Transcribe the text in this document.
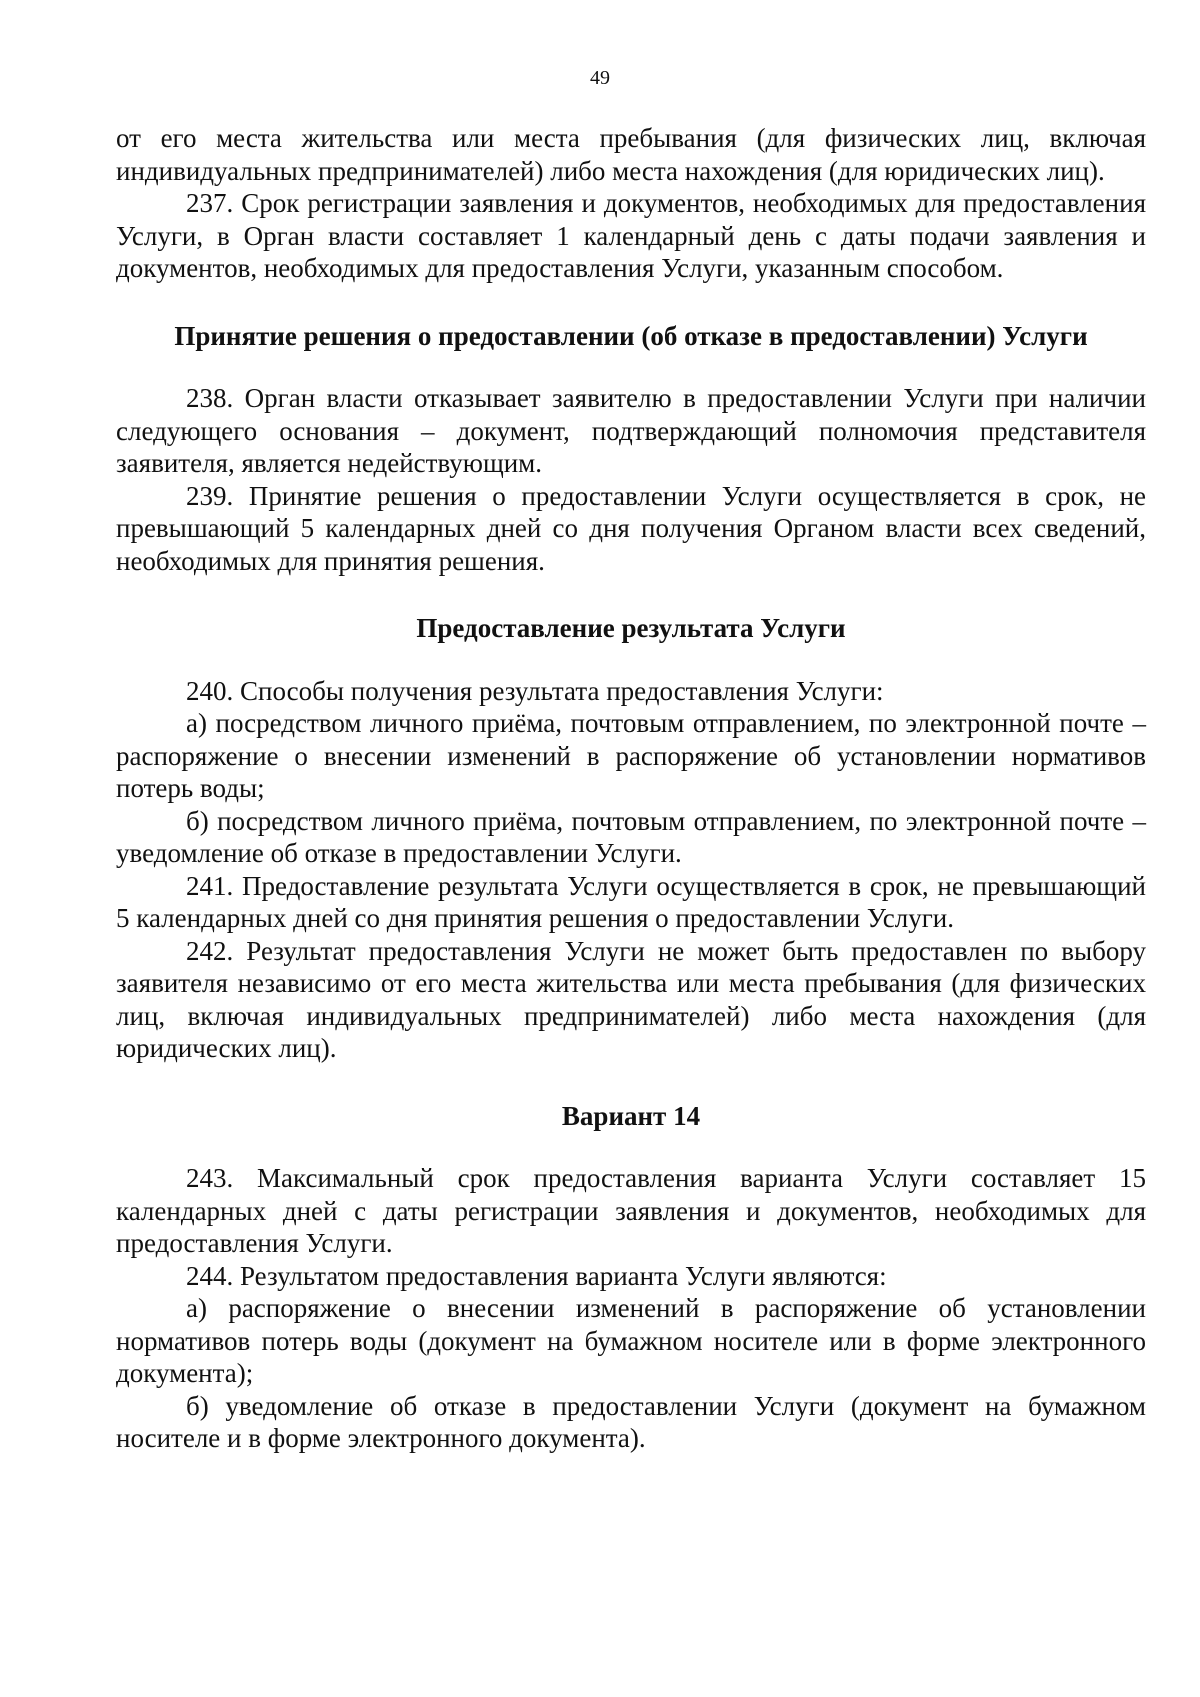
49

от его места жительства или места пребывания (для физических лиц, включая индивидуальных предпринимателей) либо места нахождения (для юридических лиц).

237. Срок регистрации заявления и документов, необходимых для предоставления Услуги, в Орган власти составляет 1 календарный день с даты подачи заявления и документов, необходимых для предоставления Услуги, указанным способом.

Принятие решения о предоставлении (об отказе в предоставлении) Услуги

238. Орган власти отказывает заявителю в предоставлении Услуги при наличии следующего основания – документ, подтверждающий полномочия представителя заявителя, является недействующим.

239. Принятие решения о предоставлении Услуги осуществляется в срок, не превышающий 5 календарных дней со дня получения Органом власти всех сведений, необходимых для принятия решения.

Предоставление результата Услуги

240. Способы получения результата предоставления Услуги:

а) посредством личного приёма, почтовым отправлением, по электронной почте – распоряжение о внесении изменений в распоряжение об установлении нормативов потерь воды;

б) посредством личного приёма, почтовым отправлением, по электронной почте – уведомление об отказе в предоставлении Услуги.

241. Предоставление результата Услуги осуществляется в срок, не превышающий 5 календарных дней со дня принятия решения о предоставлении Услуги.

242. Результат предоставления Услуги не может быть предоставлен по выбору заявителя независимо от его места жительства или места пребывания (для физических лиц, включая индивидуальных предпринимателей) либо места нахождения (для юридических лиц).

Вариант 14

243. Максимальный срок предоставления варианта Услуги составляет 15 календарных дней с даты регистрации заявления и документов, необходимых для предоставления Услуги.

244. Результатом предоставления варианта Услуги являются:

а) распоряжение о внесении изменений в распоряжение об установлении нормативов потерь воды (документ на бумажном носителе или в форме электронного документа);

б) уведомление об отказе в предоставлении Услуги (документ на бумажном носителе и в форме электронного документа).
